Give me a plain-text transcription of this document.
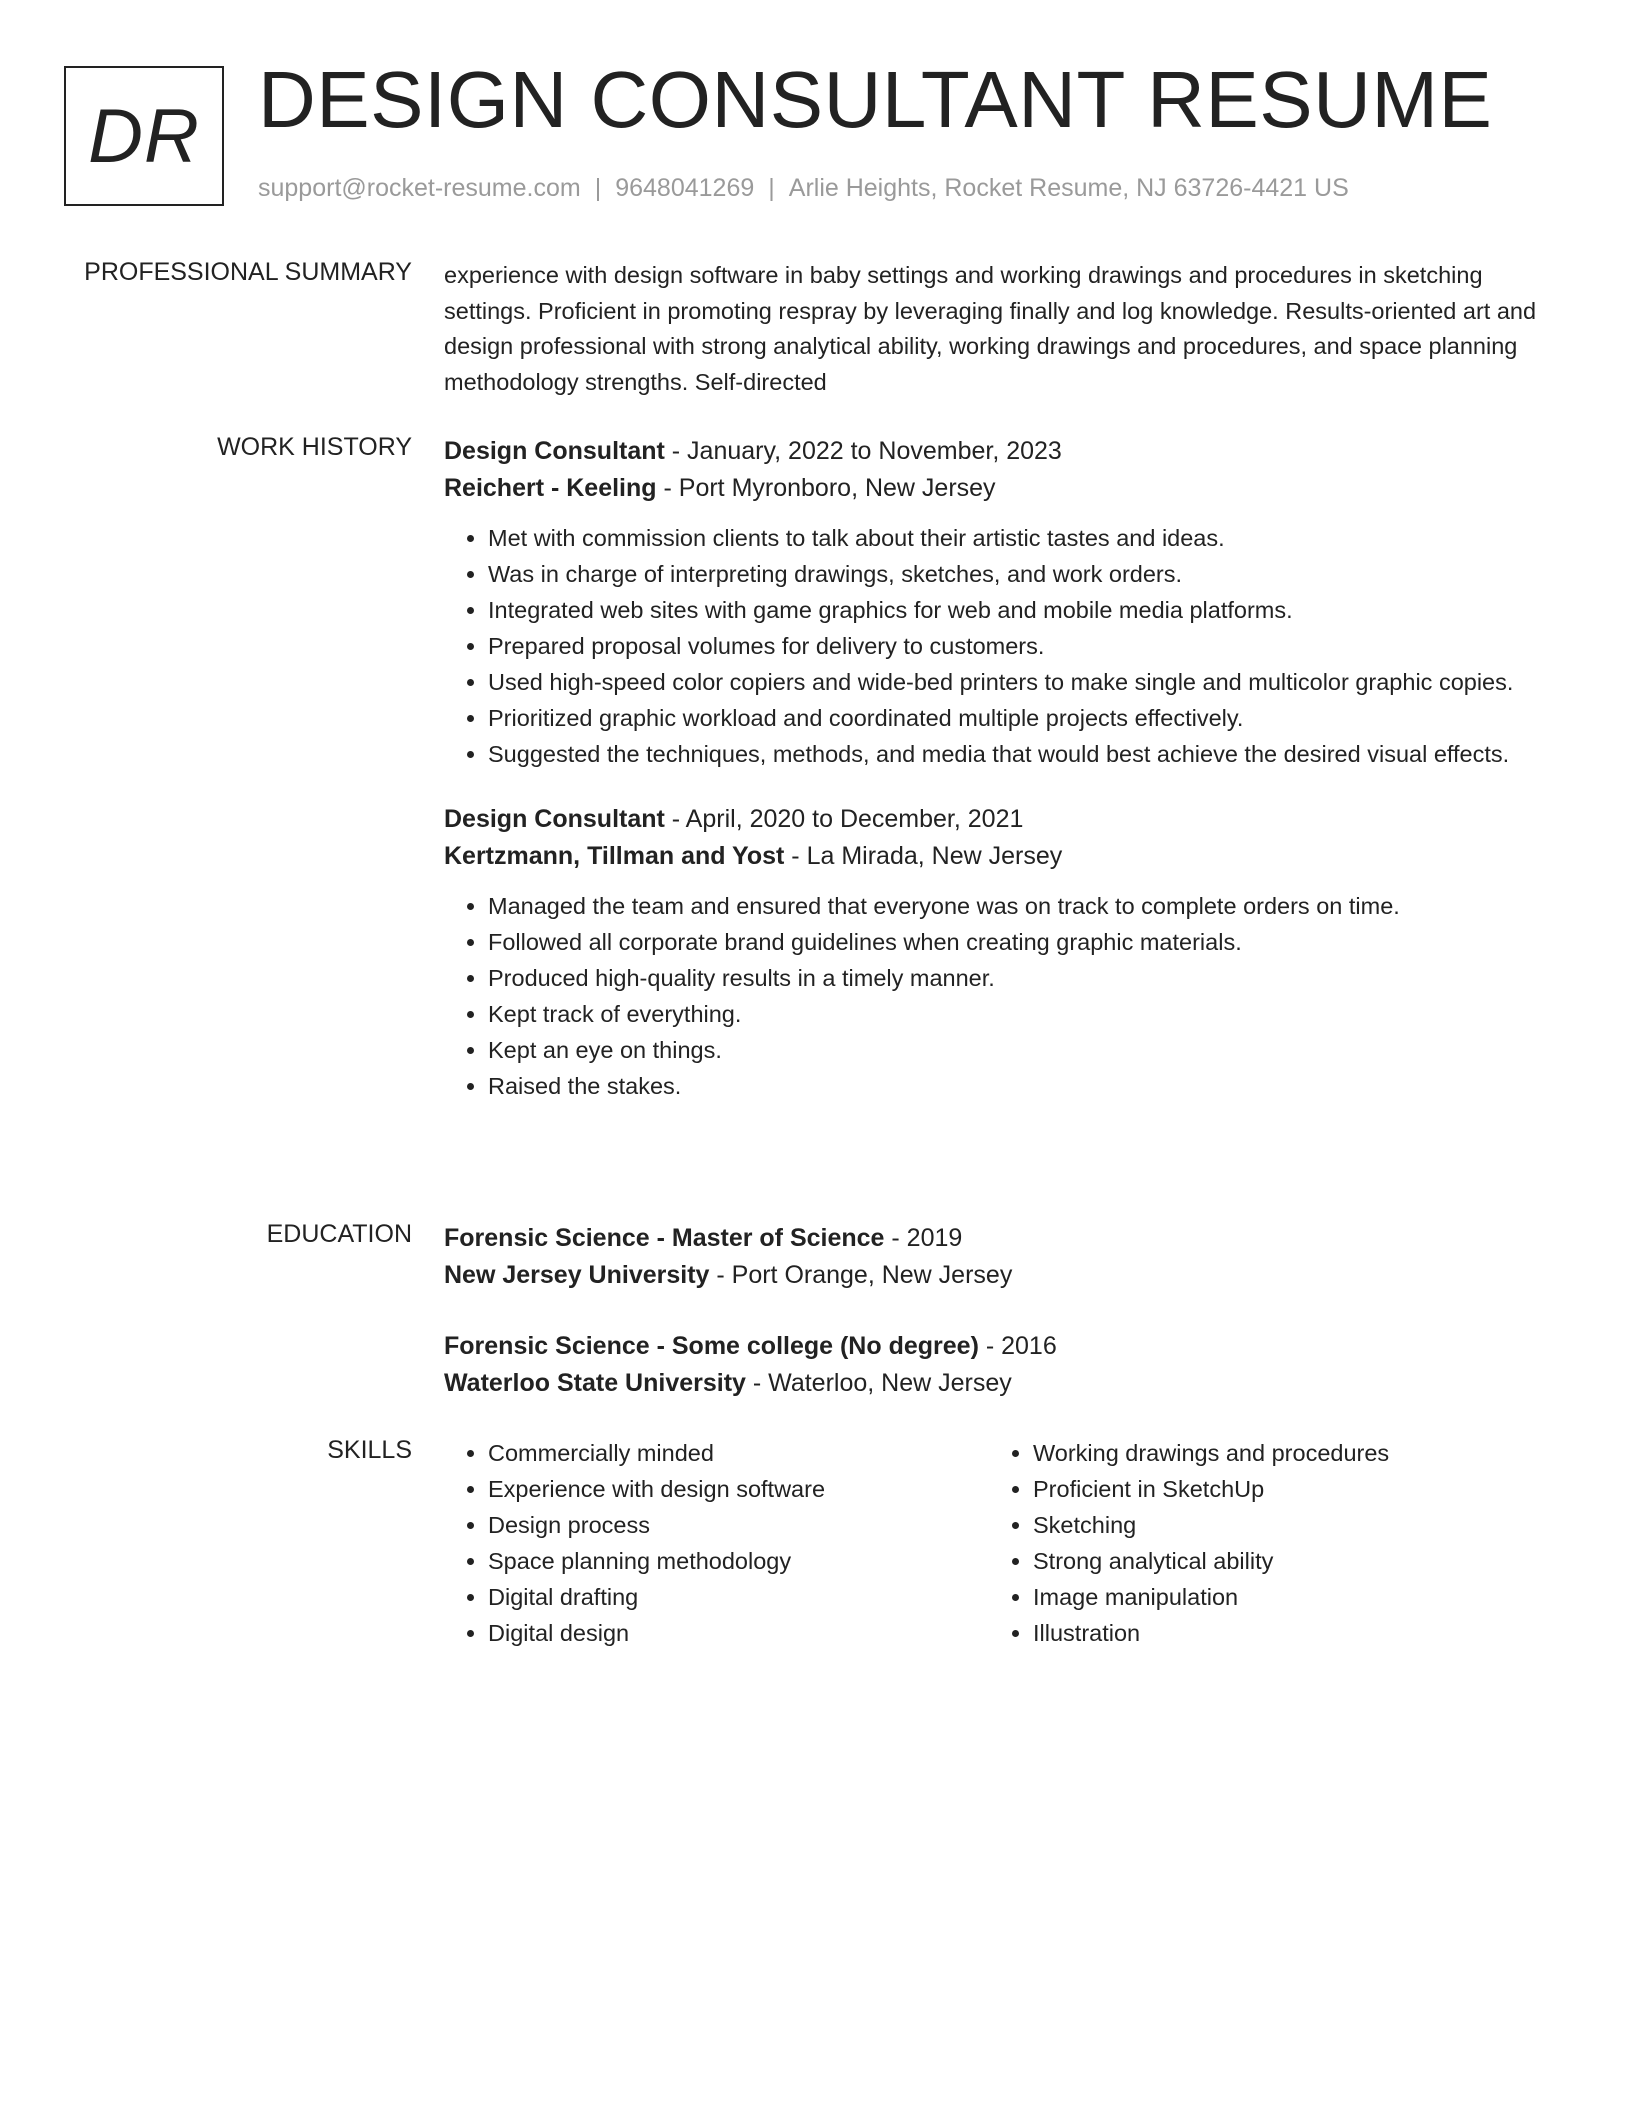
DR DESIGN CONSULTANT RESUME
support@rocket-resume.com | 9648041269 | Arlie Heights, Rocket Resume, NJ 63726-4421 US
PROFESSIONAL SUMMARY experience with design software in baby settings and working drawings and procedures in sketching settings. Proficient in promoting respray by leveraging finally and log knowledge. Results-oriented art and design professional with strong analytical ability, working drawings and procedures, and space planning methodology strengths. Self-directed

WORK HISTORY Design Consultant - January, 2022 to November, 2023
Reichert - Keeling - Port Myronboro, New Jersey
• Met with commission clients to talk about their artistic tastes and ideas.
• Was in charge of interpreting drawings, sketches, and work orders.
• Integrated web sites with game graphics for web and mobile media platforms.
• Prepared proposal volumes for delivery to customers.
• Used high-speed color copiers and wide-bed printers to make single and multicolor graphic copies.
• Prioritized graphic workload and coordinated multiple projects effectively.
• Suggested the techniques, methods, and media that would best achieve the desired visual effects.
Design Consultant - April, 2020 to December, 2021
Kertzmann, Tillman and Yost - La Mirada, New Jersey
• Managed the team and ensured that everyone was on track to complete orders on time.
• Followed all corporate brand guidelines when creating graphic materials.
• Produced high-quality results in a timely manner.
• Kept track of everything.
• Kept an eye on things.
• Raised the stakes.
EDUCATION Forensic Science - Master of Science - 2019
New Jersey University - Port Orange, New Jersey
Forensic Science - Some college (No degree) - 2016
Waterloo State University - Waterloo, New Jersey
SKILLS
•	Commercially minded
• Experience with design software
• Design process
• Space planning methodology
• Digital drafting
• Digital design
• Working drawings and procedures
• Proficient in SketchUp
• Sketching
• Strong analytical ability
• Image manipulation
• Illustration
